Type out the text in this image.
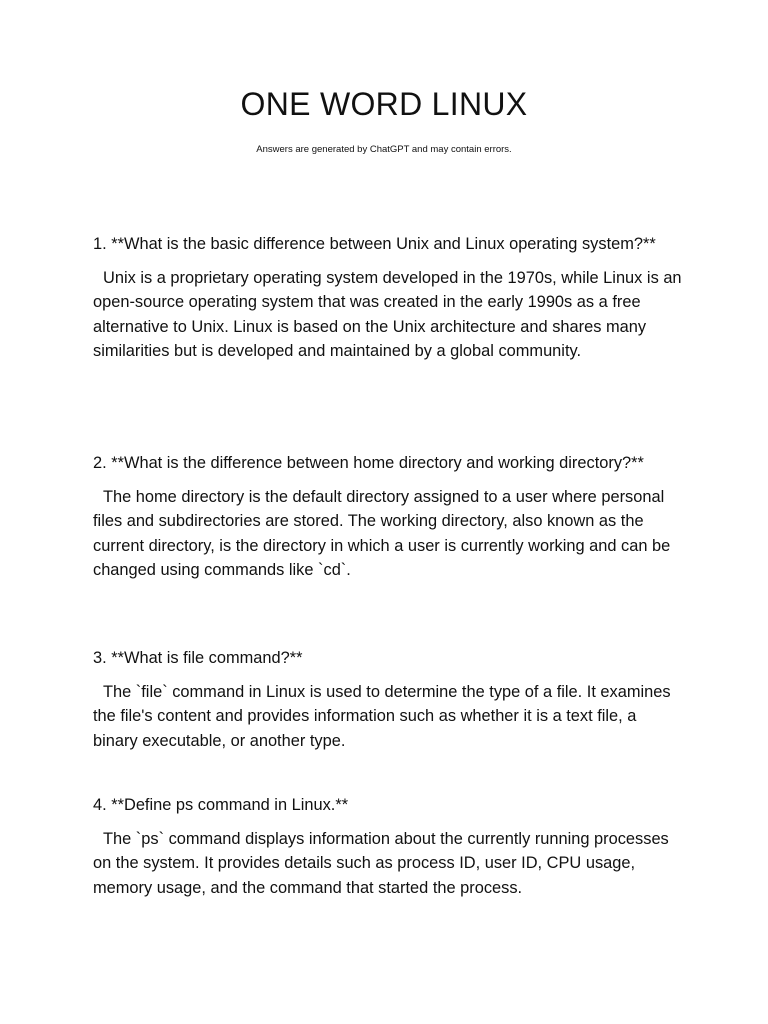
ONE WORD LINUX

Answers are generated by ChatGPT and may contain errors.

1. **What is the basic difference between Unix and Linux operating system?**

Unix is a proprietary operating system developed in the 1970s, while Linux is an open-source operating system that was created in the early 1990s as a free alternative to Unix. Linux is based on the Unix architecture and shares many similarities but is developed and maintained by a global community.

2. **What is the difference between home directory and working directory?**

The home directory is the default directory assigned to a user where personal files and subdirectories are stored. The working directory, also known as the current directory, is the directory in which a user is currently working and can be changed using commands like `cd`.

3. **What is file command?**

The `file` command in Linux is used to determine the type of a file. It examines the file's content and provides information such as whether it is a text file, a binary executable, or another type.

4. **Define ps command in Linux.**

The `ps` command displays information about the currently running processes on the system. It provides details such as process ID, user ID, CPU usage, memory usage, and the command that started the process.
